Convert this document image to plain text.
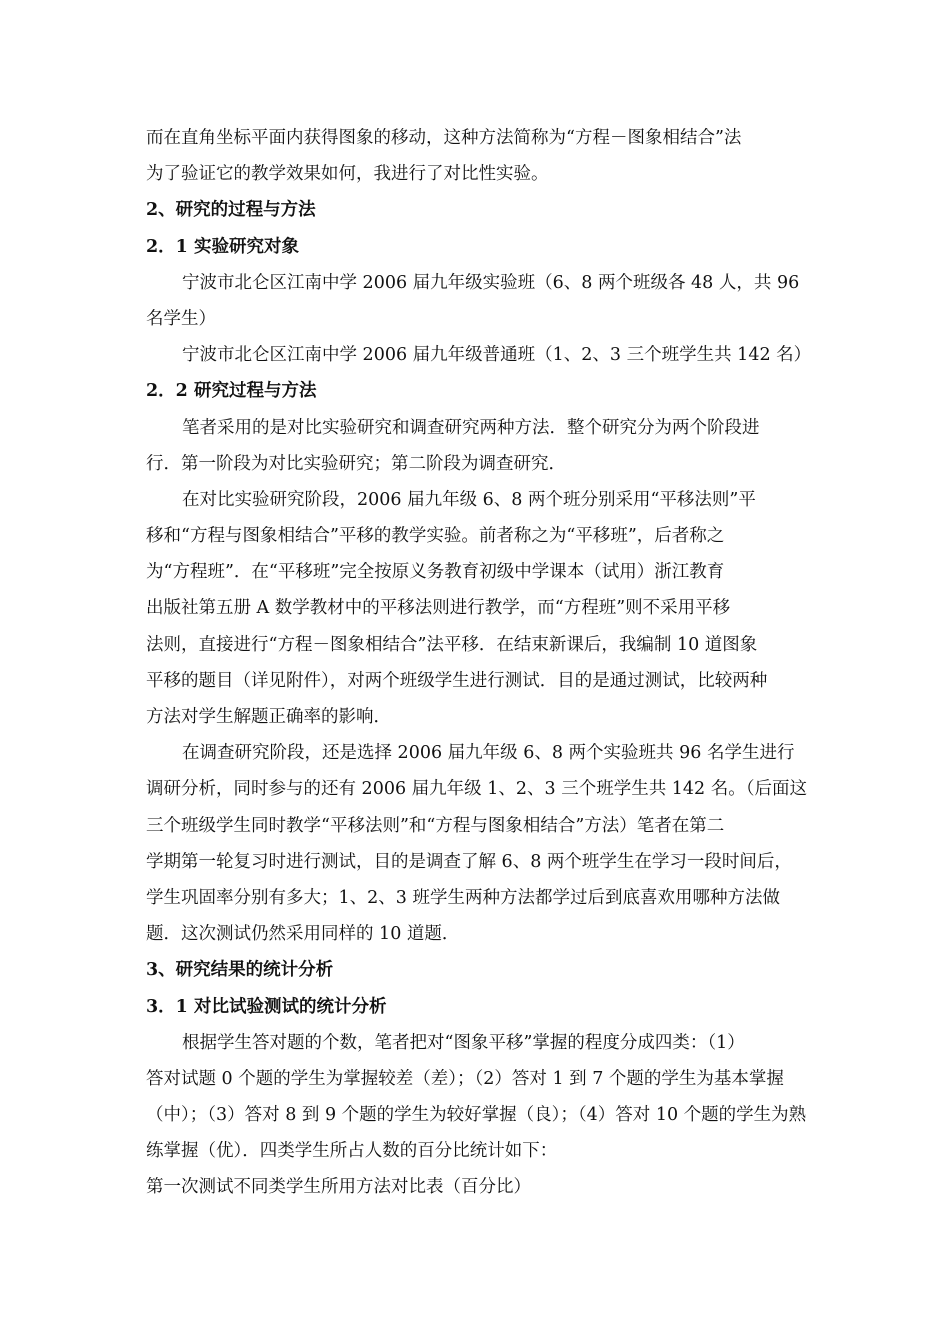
而在直角坐标平面内获得图象的移动，这种方法简称为“方程－图象相结合”法
为了验证它的教学效果如何，我进行了对比性实验。
2、研究的过程与方法
2．1 实验研究对象
宁波市北仑区江南中学 2006 届九年级实验班（6、8 两个班级各 48 人，共 96
名学生）
宁波市北仑区江南中学 2006 届九年级普通班（1、2、3 三个班学生共 142 名）
2．2 研究过程与方法
笔者采用的是对比实验研究和调查研究两种方法．整个研究分为两个阶段进
行．第一阶段为对比实验研究；第二阶段为调查研究．
在对比实验研究阶段，2006 届九年级 6、8 两个班分别采用“平移法则”平
移和“方程与图象相结合”平移的教学实验。前者称之为“平移班”，后者称之
为“方程班”．在“平移班”完全按原义务教育初级中学课本（试用）浙江教育
出版社第五册 A 数学教材中的平移法则进行教学，而“方程班”则不采用平移
法则，直接进行“方程－图象相结合”法平移．在结束新课后，我编制 10 道图象
平移的题目（详见附件），对两个班级学生进行测试．目的是通过测试，比较两种
方法对学生解题正确率的影响．
在调查研究阶段，还是选择 2006 届九年级 6、8 两个实验班共 96 名学生进行
调研分析，同时参与的还有 2006 届九年级 1、2、3 三个班学生共 142 名。（后面这
三个班级学生同时教学“平移法则”和“方程与图象相结合”方法）笔者在第二
学期第一轮复习时进行测试，目的是调查了解 6、8 两个班学生在学习一段时间后，
学生巩固率分别有多大；1、2、3 班学生两种方法都学过后到底喜欢用哪种方法做
题．这次测试仍然采用同样的 10 道题．
3、研究结果的统计分析
3．1 对比试验测试的统计分析
根据学生答对题的个数，笔者把对“图象平移”掌握的程度分成四类：（1）
答对试题 0 个题的学生为掌握较差（差）；（2）答对 1 到 7 个题的学生为基本掌握
（中）；（3）答对 8 到 9 个题的学生为较好掌握（良）；（4）答对 10 个题的学生为熟
练掌握（优）．四类学生所占人数的百分比统计如下：
第一次测试不同类学生所用方法对比表（百分比）
